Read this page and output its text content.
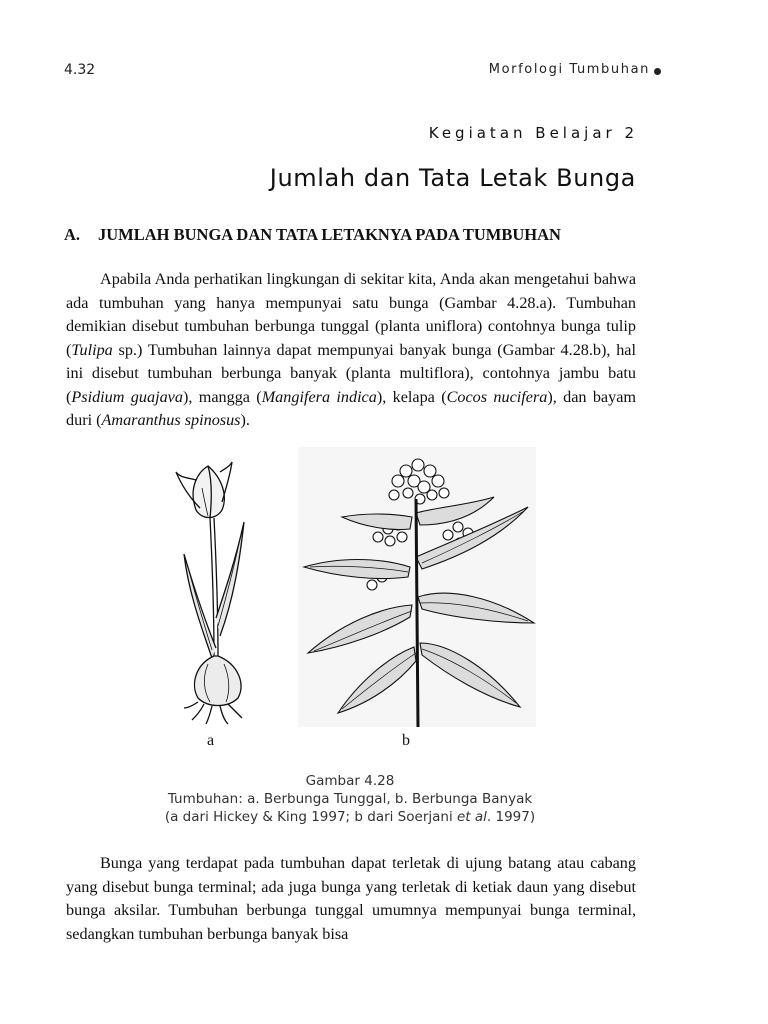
4.32	Morfologi Tumbuhan
Kegiatan Belajar 2
Jumlah dan Tata Letak Bunga
A. JUMLAH BUNGA DAN TATA LETAKNYA PADA TUMBUHAN

Apabila Anda perhatikan lingkungan di sekitar kita, Anda akan mengetahui bahwa ada tumbuhan yang hanya mempunyai satu bunga (Gambar 4.28.a). Tumbuhan demikian disebut tumbuhan berbunga tunggal (planta uniflora) contohnya bunga tulip (Tulipa sp.) Tumbuhan lainnya dapat mempunyai banyak bunga (Gambar 4.28.b), hal ini disebut tumbuhan berbunga banyak (planta multiflora), contohnya jambu batu (Psidium guajava), mangga (Mangifera indica), kelapa (Cocos nucifera), dan bayam duri (Amaranthus spinosus).

a	b
Gambar 4.28
Tumbuhan: a. Berbunga Tunggal, b. Berbunga Banyak
(a dari Hickey & King 1997; b dari Soerjani et al. 1997)

Bunga yang terdapat pada tumbuhan dapat terletak di ujung batang atau cabang yang disebut bunga terminal; ada juga bunga yang terletak di ketiak daun yang disebut bunga aksilar. Tumbuhan berbunga tunggal umumnya mempunyai bunga terminal, sedangkan tumbuhan berbunga banyak bisa
